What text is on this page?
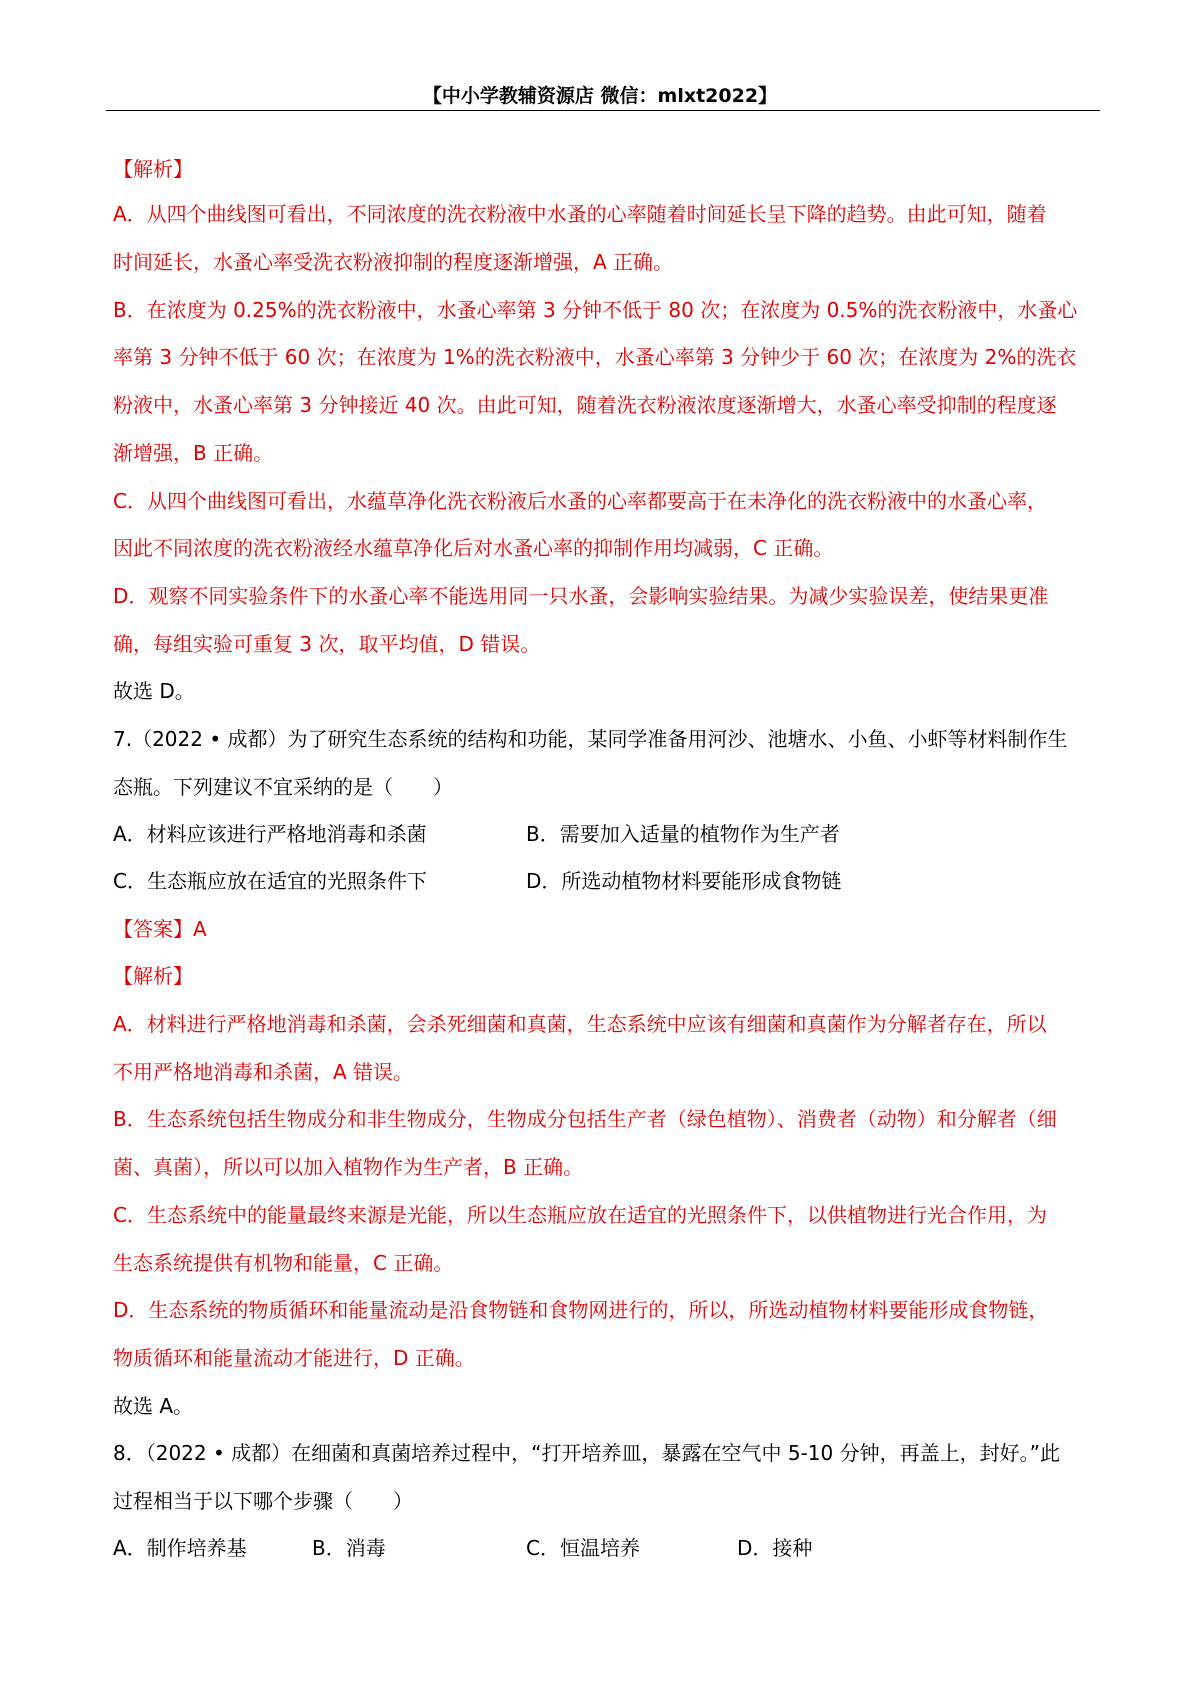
【中小学教辅资源店 微信：mlxt2022】
【解析】
A．从四个曲线图可看出，不同浓度的洗衣粉液中水蚤的心率随着时间延长呈下降的趋势。由此可知，随着
时间延长，水蚤心率受洗衣粉液抑制的程度逐渐增强，A 正确。
B．在浓度为 0.25%的洗衣粉液中，水蚤心率第 3 分钟不低于 80 次；在浓度为 0.5%的洗衣粉液中，水蚤心
率第 3 分钟不低于 60 次；在浓度为 1%的洗衣粉液中，水蚤心率第 3 分钟少于 60 次；在浓度为 2%的洗衣
粉液中，水蚤心率第 3 分钟接近 40 次。由此可知，随着洗衣粉液浓度逐渐增大，水蚤心率受抑制的程度逐
渐增强，B 正确。
C．从四个曲线图可看出，水蕴草净化洗衣粉液后水蚤的心率都要高于在未净化的洗衣粉液中的水蚤心率，
因此不同浓度的洗衣粉液经水蕴草净化后对水蚤心率的抑制作用均减弱，C 正确。
D．观察不同实验条件下的水蚤心率不能选用同一只水蚤，会影响实验结果。为减少实验误差，使结果更准
确，每组实验可重复 3 次，取平均值，D 错误。
故选 D。
7.（2022 • 成都）为了研究生态系统的结构和功能，某同学准备用河沙、池塘水、小鱼、小虾等材料制作生
态瓶。下列建议不宜采纳的是（　　）
A．材料应该进行严格地消毒和杀菌	B．需要加入适量的植物作为生产者
C．生态瓶应放在适宜的光照条件下	D．所选动植物材料要能形成食物链
【答案】A
【解析】
A．材料进行严格地消毒和杀菌，会杀死细菌和真菌，生态系统中应该有细菌和真菌作为分解者存在，所以
不用严格地消毒和杀菌，A 错误。
B．生态系统包括生物成分和非生物成分，生物成分包括生产者（绿色植物）、消费者（动物）和分解者（细
菌、真菌），所以可以加入植物作为生产者，B 正确。
C．生态系统中的能量最终来源是光能，所以生态瓶应放在适宜的光照条件下，以供植物进行光合作用，为
生态系统提供有机物和能量，C 正确。
D．生态系统的物质循环和能量流动是沿食物链和食物网进行的，所以，所选动植物材料要能形成食物链，
物质循环和能量流动才能进行，D 正确。
故选 A。
8．（2022 • 成都）在细菌和真菌培养过程中，“打开培养皿，暴露在空气中 5-10 分钟，再盖上，封好。”此
过程相当于以下哪个步骤（　　）
A．制作培养基	B．消毒	C．恒温培养	D．接种
